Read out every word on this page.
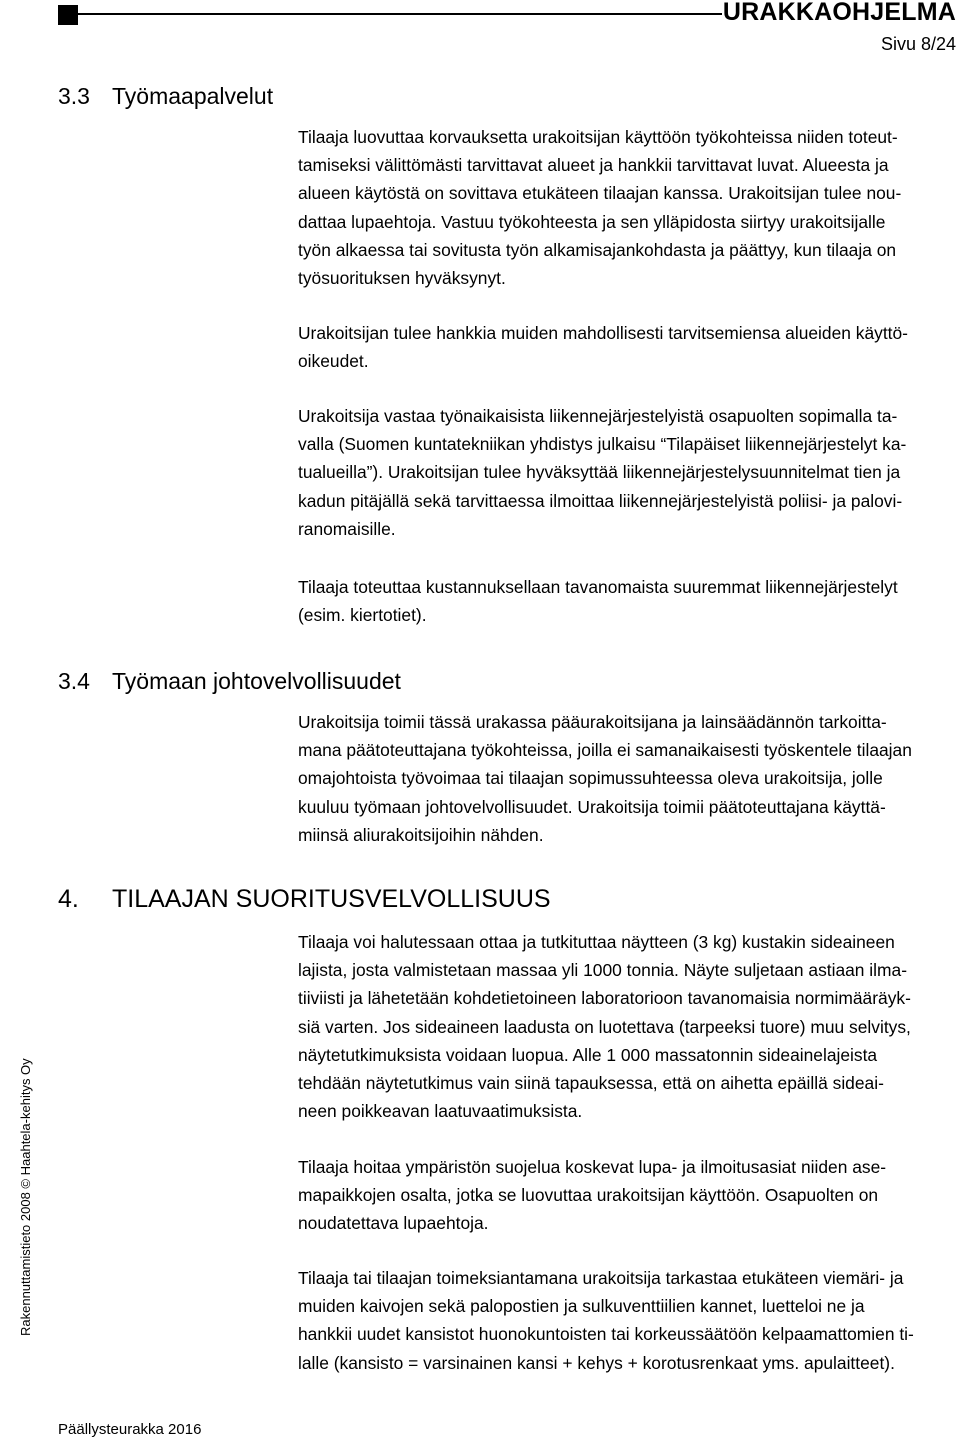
URAKKAOHJELMA
Sivu 8/24
3.3 Työmaapalvelut
Tilaaja luovuttaa korvauksetta urakoitsijan käyttöön työkohteissa niiden toteut-
tamiseksi välittömästi tarvittavat alueet ja hankkii tarvittavat luvat. Alueesta ja
alueen käytöstä on sovittava etukäteen tilaajan kanssa. Urakoitsijan tulee nou-
dattaa lupaehtoja. Vastuu työkohteesta ja sen ylläpidosta siirtyy urakoitsijalle
työn alkaessa tai sovitusta työn alkamisajankohdasta ja päättyy, kun tilaaja on
työsuorituksen hyväksynyt.
Urakoitsijan tulee hankkia muiden mahdollisesti tarvitsemiensa alueiden käyttö-
oikeudet.
Urakoitsija vastaa työnaikaisista liikennejärjestelyistä osapuolten sopimalla ta-
valla (Suomen kuntatekniikan yhdistys julkaisu “Tilapäiset liikennejärjestelyt ka-
tualueilla”). Urakoitsijan tulee hyväksyttää liikennejärjestelysuunnitelmat tien ja
kadun pitäjällä sekä tarvittaessa ilmoittaa liikennejärjestelyistä poliisi- ja palovi-
ranomaisille.
Tilaaja toteuttaa kustannuksellaan tavanomaista suuremmat liikennejärjestelyt
(esim. kiertotiet).
3.4 Työmaan johtovelvollisuudet
Urakoitsija toimii tässä urakassa pääurakoitsijana ja lainsäädännön tarkoitta-
mana päätoteuttajana työkohteissa, joilla ei samanaikaisesti työskentele tilaajan
omajohtoista työvoimaa tai tilaajan sopimussuhteessa oleva urakoitsija, jolle
kuuluu työmaan johtovelvollisuudet. Urakoitsija toimii päätoteuttajana käyttä-
miinsä aliurakoitsijoihin nähden.
4. TILAAJAN SUORITUSVELVOLLISUUS
Tilaaja voi halutessaan ottaa ja tutkituttaa näytteen (3 kg) kustakin sideaineen
lajista, josta valmistetaan massaa yli 1000 tonnia. Näyte suljetaan astiaan ilma-
tiiviisti ja lähetetään kohdetietoineen laboratorioon tavanomaisia normimääräyk-
siä varten. Jos sideaineen laadusta on luotettava (tarpeeksi tuore) muu selvitys,
näytetutkimuksista voidaan luopua. Alle 1 000 massatonnin sideainelajeista
tehdään näytetutkimus vain siinä tapauksessa, että on aihetta epäillä sideai-
neen poikkeavan laatuvaatimuksista.
Tilaaja hoitaa ympäristön suojelua koskevat lupa- ja ilmoitusasiat niiden ase-
mapaikkojen osalta, jotka se luovuttaa urakoitsijan käyttöön. Osapuolten on
noudatettava lupaehtoja.
Tilaaja tai tilaajan toimeksiantamana urakoitsija tarkastaa etukäteen viemäri- ja
muiden kaivojen sekä palopostien ja sulkuventtiilien kannet, luetteloi ne ja
hankkii uudet kansistot huonokuntoisten tai korkeussäätöön kelpaamattomien ti-
lalle (kansisto = varsinainen kansi + kehys + korotusrenkaat yms. apulaitteet).
Rakennuttamistieto 2008 © Haahtela-kehitys Oy
Päällysteurakka 2016
